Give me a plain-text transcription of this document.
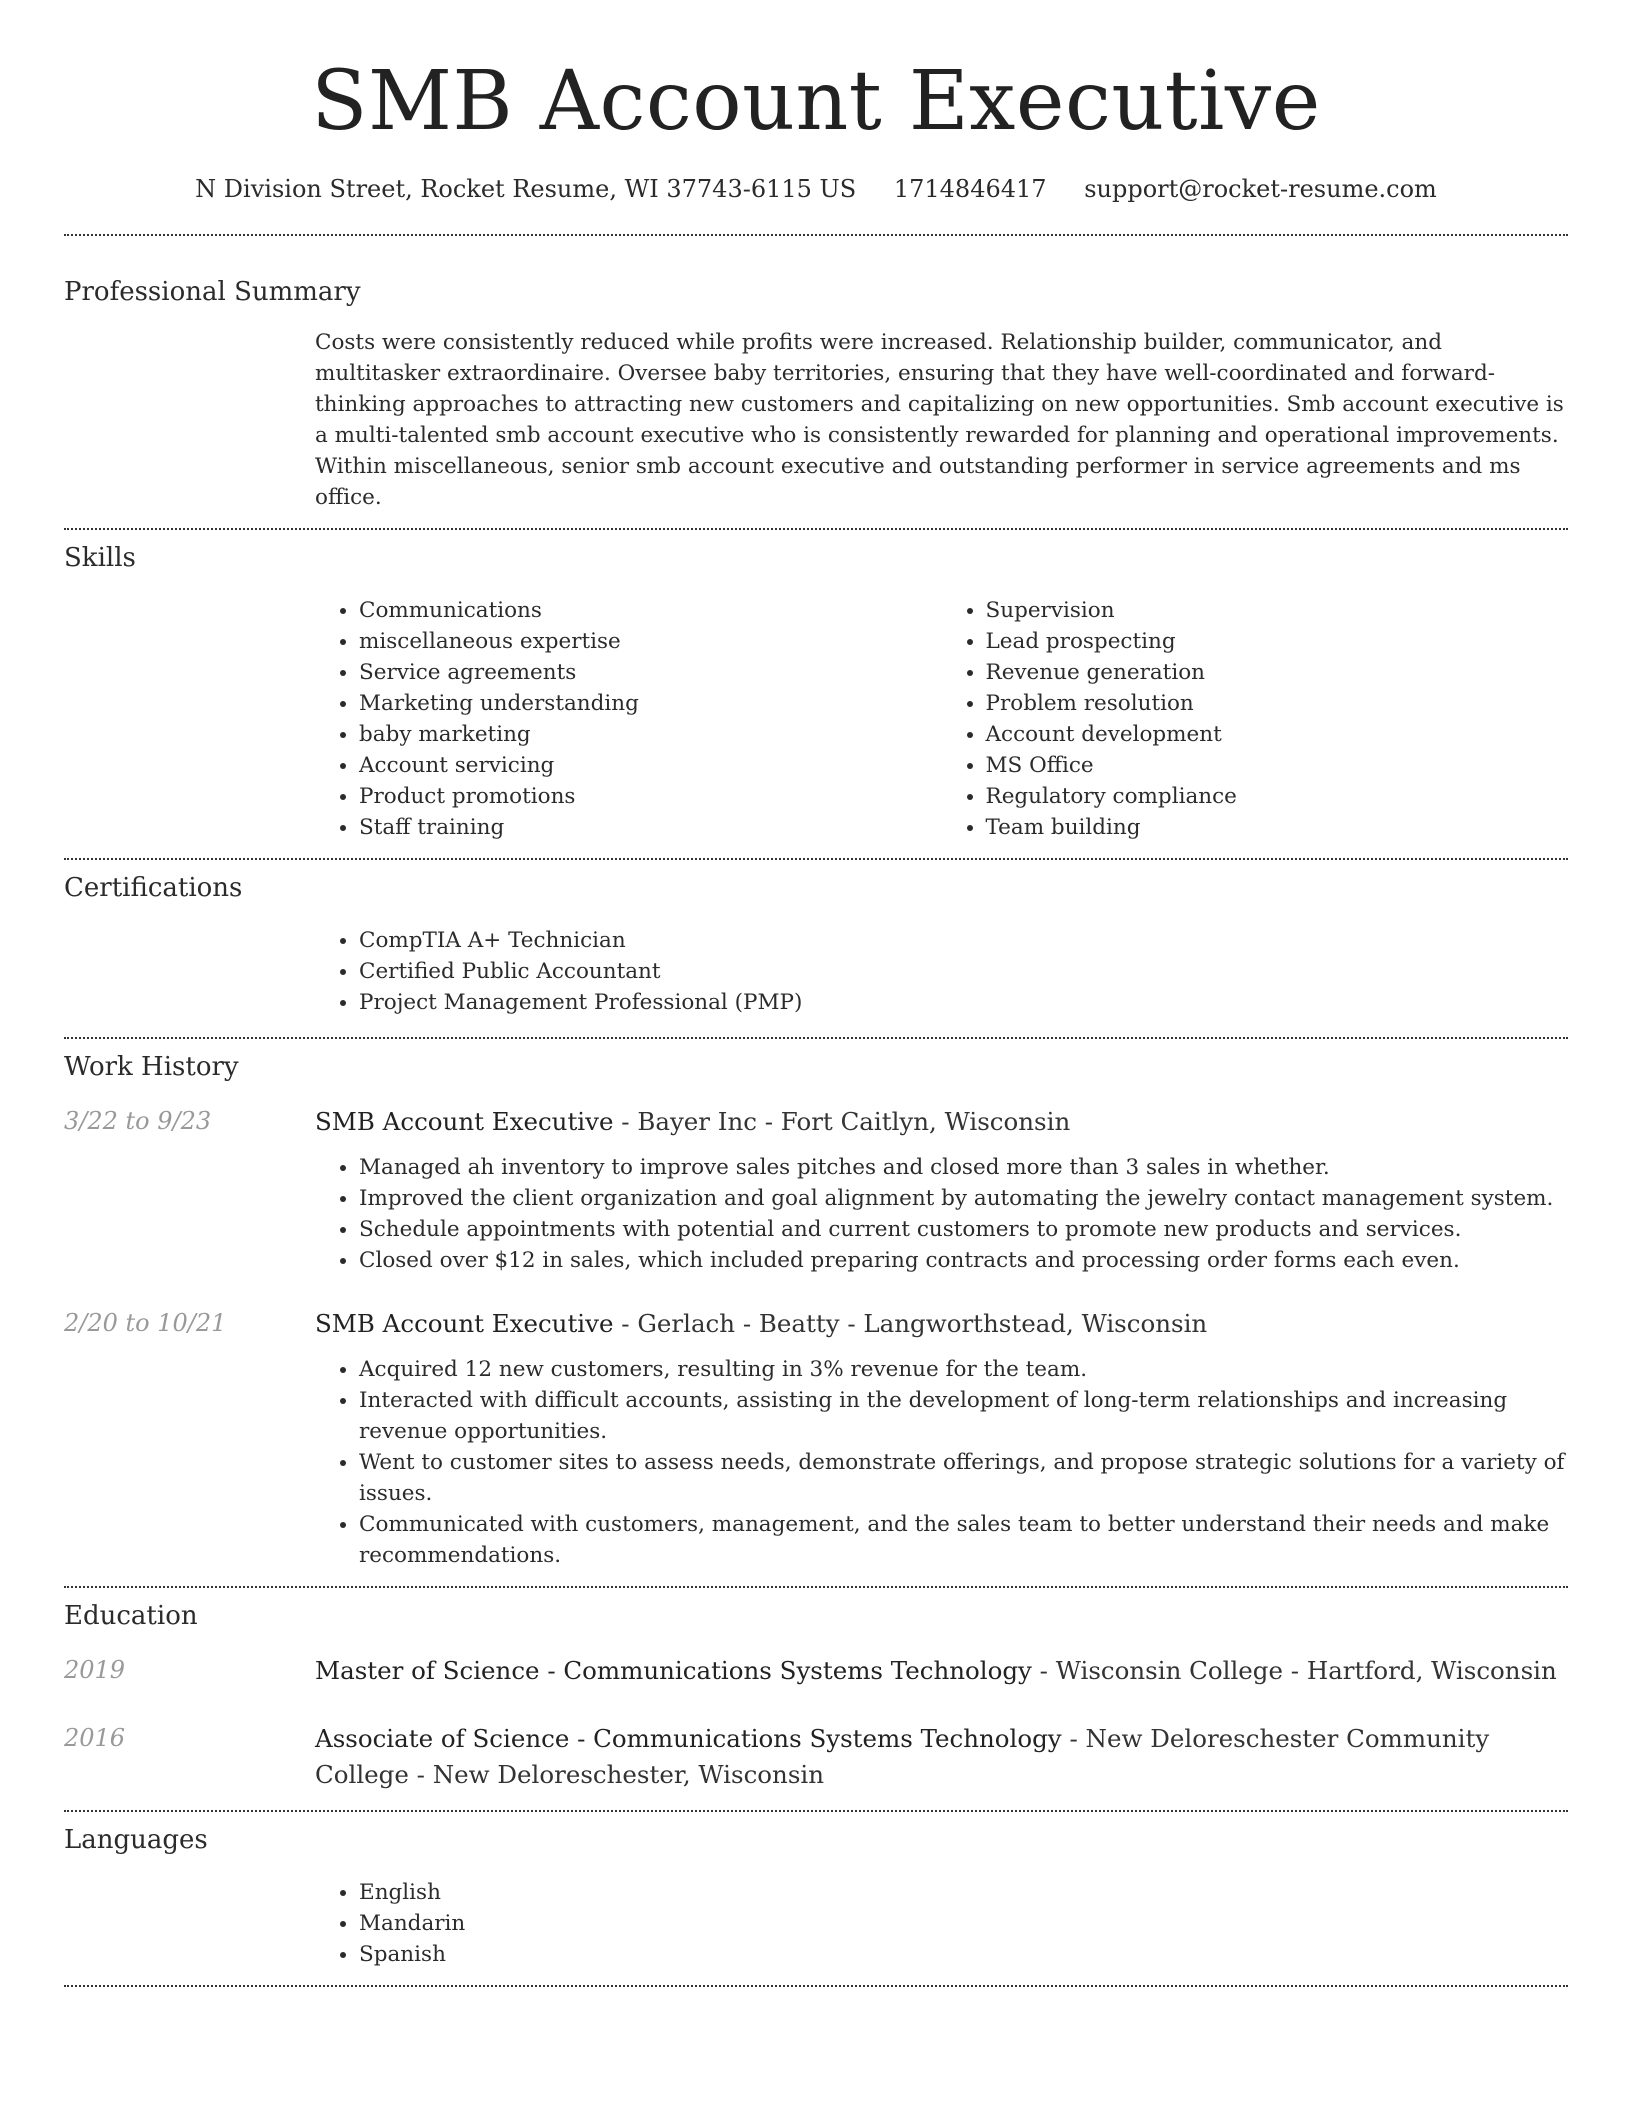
SMB Account Executive
N Division Street, Rocket Resume, WI 37743-6115 US 1714846417 support@rocket-resume.com
Professional Summary
Costs were consistently reduced while profits were increased. Relationship builder, communicator, and multitasker extraordinaire. Oversee baby territories, ensuring that they have well-coordinated and forward-thinking approaches to attracting new customers and capitalizing on new opportunities. Smb account executive is a multi-talented smb account executive who is consistently rewarded for planning and operational improvements. Within miscellaneous, senior smb account executive and outstanding performer in service agreements and ms office.
Skills
• Communications
• miscellaneous expertise
• Service agreements
• Marketing understanding
• baby marketing
• Account servicing
• Product promotions
• Staff training
• Supervision
• Lead prospecting
• Revenue generation
• Problem resolution
• Account development
• MS Office
• Regulatory compliance
• Team building
Certifications
• CompTIA A+ Technician
• Certified Public Accountant
• Project Management Professional (PMP)
Work History
3/22 to 9/23	SMB Account Executive - Bayer Inc - Fort Caitlyn, Wisconsin
• Managed ah inventory to improve sales pitches and closed more than 3 sales in whether.
• Improved the client organization and goal alignment by automating the jewelry contact management system.
• Schedule appointments with potential and current customers to promote new products and services.
• Closed over $12 in sales, which included preparing contracts and processing order forms each even.
2/20 to 10/21	SMB Account Executive - Gerlach - Beatty - Langworthstead, Wisconsin
• Acquired 12 new customers, resulting in 3% revenue for the team.
• Interacted with difficult accounts, assisting in the development of long-term relationships and increasing revenue opportunities.
• Went to customer sites to assess needs, demonstrate offerings, and propose strategic solutions for a variety of issues.
• Communicated with customers, management, and the sales team to better understand their needs and make recommendations.
Education
2019	Master of Science - Communications Systems Technology - Wisconsin College - Hartford, Wisconsin
2016	Associate of Science - Communications Systems Technology - New Deloreschester Community College - New Deloreschester, Wisconsin
Languages
• English
• Mandarin
• Spanish
